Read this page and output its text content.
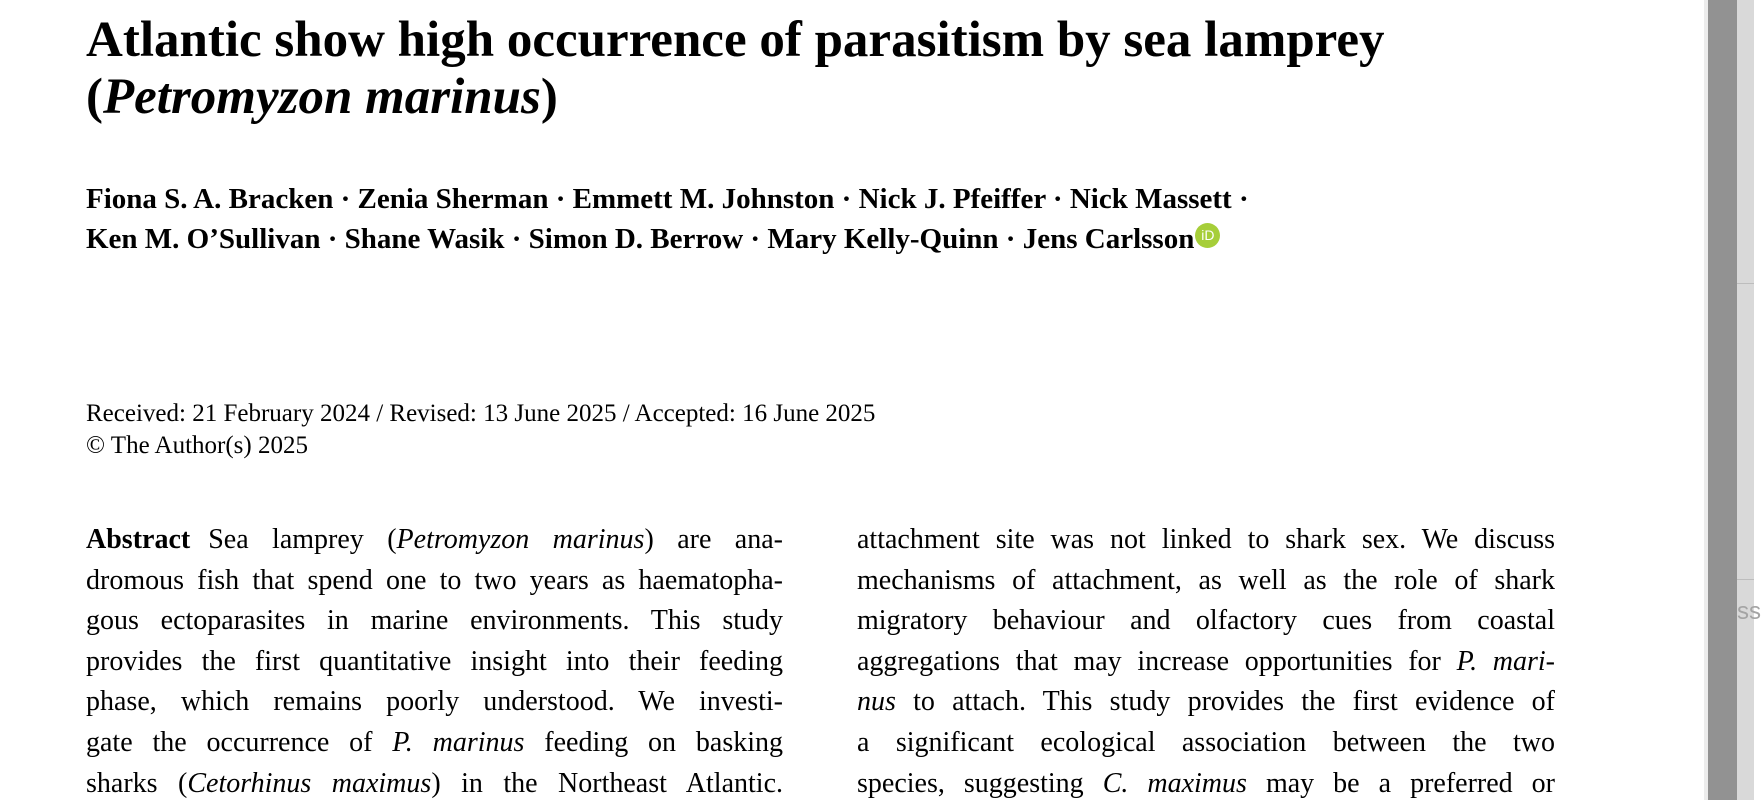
Atlantic show high occurrence of parasitism by sea lamprey
(Petromyzon marinus)
Fiona S. A. Bracken · Zenia Sherman · Emmett M. Johnston · Nick J. Pfeiffer · Nick Massett ·
Ken M. O’Sullivan · Shane Wasik · Simon D. Berrow · Mary Kelly-Quinn · Jens Carlsson iD
Received: 21 February 2024 / Revised: 13 June 2025 / Accepted: 16 June 2025
© The Author(s) 2025
Abstract Sea lamprey (Petromyzon marinus) are ana-
dromous fish that spend one to two years as haematopha-
gous ectoparasites in marine environments. This study
provides the first quantitative insight into their feeding
phase, which remains poorly understood. We investi-
gate the occurrence of P. marinus feeding on basking
sharks (Cetorhinus maximus) in the Northeast Atlantic.
attachment site was not linked to shark sex. We discuss
mechanisms of attachment, as well as the role of shark
migratory behaviour and olfactory cues from coastal
aggregations that may increase opportunities for P. mari-
nus to attach. This study provides the first evidence of
a significant ecological association between the two
species, suggesting C. maximus may be a preferred or
ss
